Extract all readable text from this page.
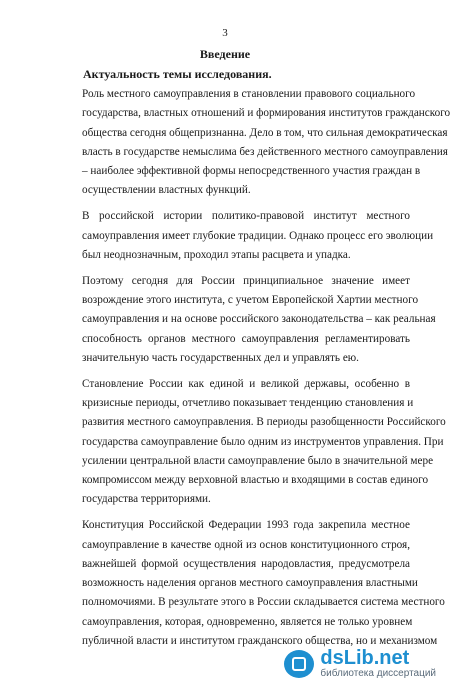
3
Введение
Актуальность темы исследования.
Роль местного самоуправления в становлении правового социального
государства, властных отношений и формирования институтов гражданского
общества сегодня общепризнанна. Дело в том, что сильная демократическая
власть в государстве немыслима без действенного местного самоуправления
– наиболее эффективной формы непосредственного участия граждан в
осуществлении властных функций.
В российской истории политико-правовой институт местного
самоуправления имеет глубокие традиции. Однако процесс его эволюции
был неоднозначным, проходил этапы расцвета и упадка.
Поэтому сегодня для России принципиальное значение имеет
возрождение этого института, с учетом Европейской Хартии местного
самоуправления и на основе российского законодательства – как реальная
способность органов местного самоуправления регламентировать
значительную часть государственных дел и управлять ею.
Становление России как единой и великой державы, особенно в
кризисные периоды, отчетливо показывает тенденцию становления и
развития местного самоуправления. В периоды разобщенности Российского
государства самоуправление было одним из инструментов управления. При
усилении центральной власти самоуправление было в значительной мере
компромиссом между верховной властью и входящими в состав единого
государства территориями.
Конституция Российской Федерации 1993 года закрепила местное
самоуправление в качестве одной из основ конституционного строя,
важнейшей формой осуществления народовластия, предусмотрела
возможность наделения органов местного самоуправления властными
полномочиями. В результате этого в России складывается система местного
самоуправления, которая, одновременно, является не только уровнем
публичной власти и институтом гражданского общества, но и механизмом
dsLib.net
библиотека диссертаций
